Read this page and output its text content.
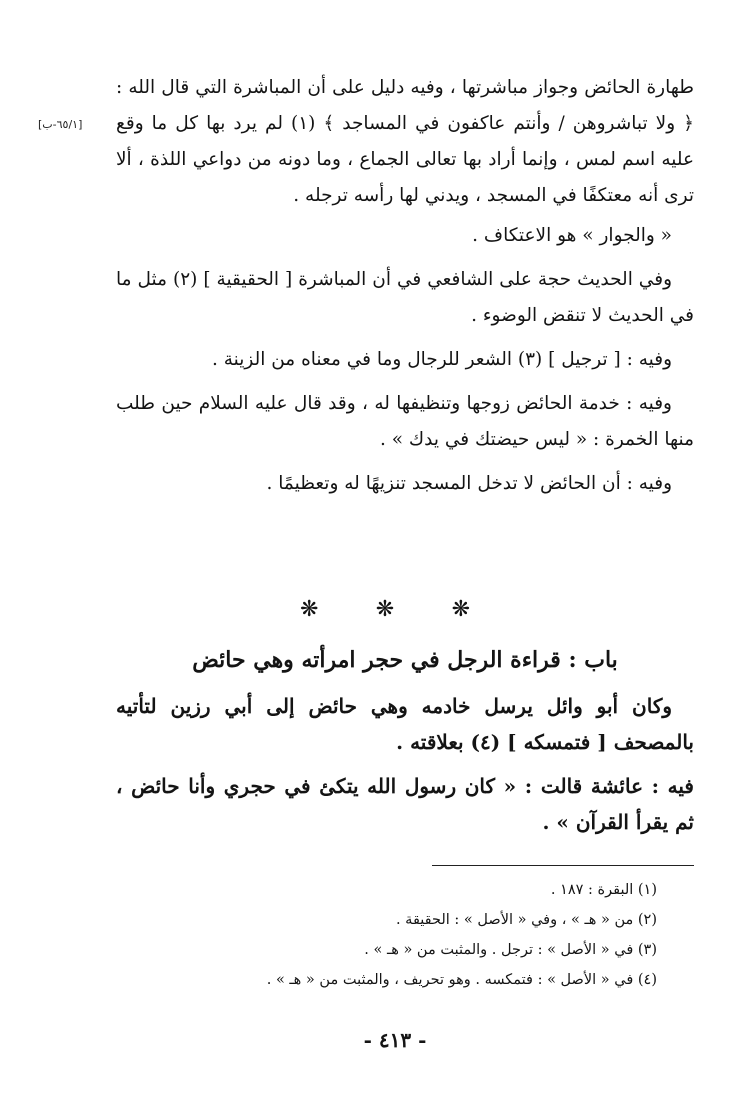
[٦٥/١-ب]

طهارة الحائض وجواز مباشرتها ، وفيه دليل على أن المباشرة التي قال الله : ﴿ ولا تباشروهن / وأنتم عاكفون في المساجد ﴾ (١) لم يرد بها كل ما وقع عليه اسم لمس ، وإنما أراد بها تعالى الجماع ، وما دونه من دواعي اللذة ، ألا ترى أنه معتكفًا في المسجد ، ويدني لها رأسه ترجله .

« والجوار » هو الاعتكاف .

وفي الحديث حجة على الشافعي في أن المباشرة [ الحقيقية ] (٢) مثل ما في الحديث لا تنقض الوضوء .

وفيه : [ ترجيل ] (٣) الشعر للرجال وما في معناه من الزينة .

وفيه : خدمة الحائض زوجها وتنظيفها له ، وقد قال عليه السلام حين طلب منها الخمرة : « ليس حيضتك في يدك » .

وفيه : أن الحائض لا تدخل المسجد تنزيهًا له وتعظيمًا .

❋	❋	❋
باب : قراءة الرجل في حجر امرأته وهي حائض

وكان أبو وائل يرسل خادمه وهي حائض إلى أبي رزين لتأتيه بالمصحف [ فتمسكه ] (٤) بعلاقته .

فيه : عائشة قالت : « كان رسول الله يتكئ في حجري وأنا حائض ، ثم يقرأ القرآن » .

(١) البقرة : ١٨٧ .
(٢) من « هـ » ، وفي « الأصل » : الحقيقة .
(٣) في « الأصل » : ترجل . والمثبت من « هـ » .
(٤) في « الأصل » : فتمكسه . وهو تحريف ، والمثبت من « هـ » .
- ٤١٣ -
